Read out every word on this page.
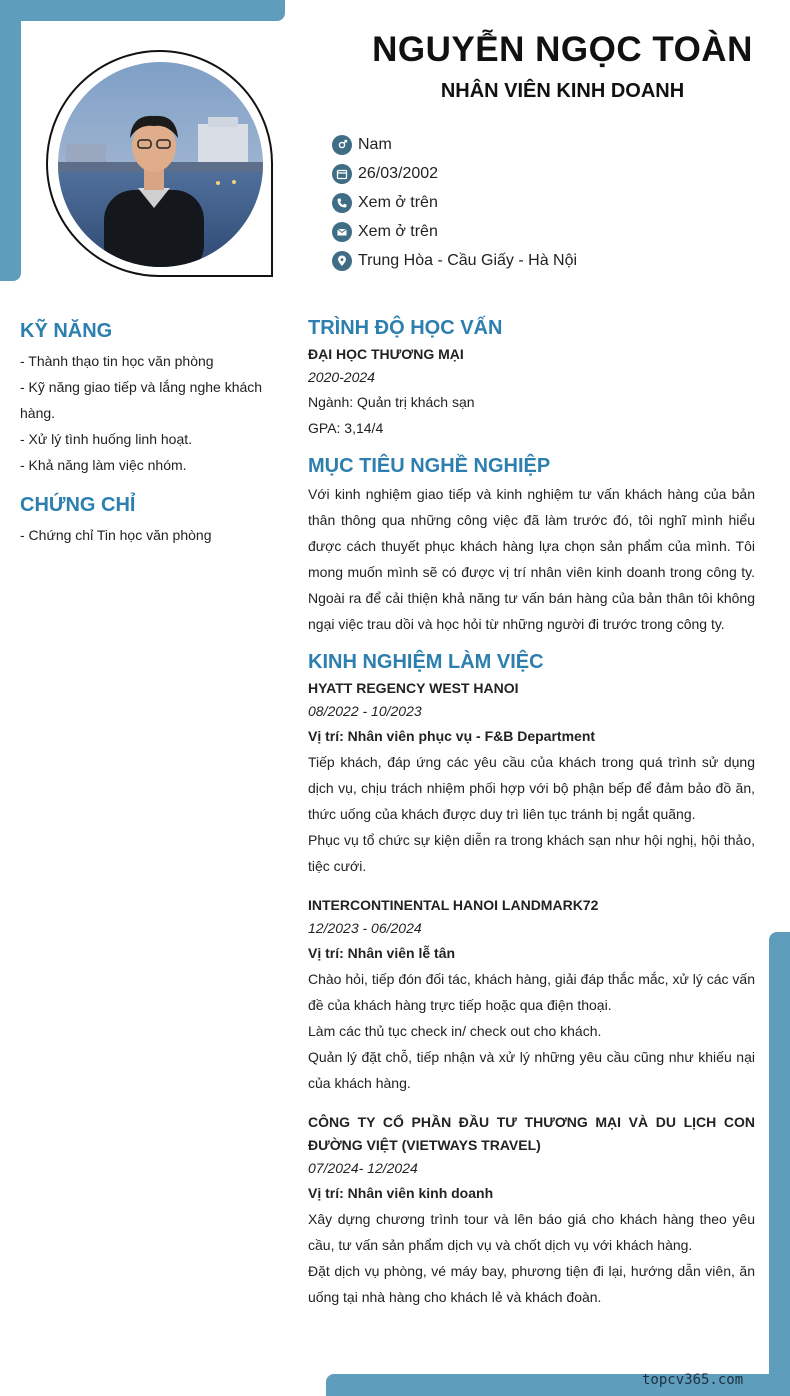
NGUYỄN NGỌC TOÀN
NHÂN VIÊN KINH DOANH
Nam
26/03/2002
Xem ở trên
Xem ở trên
Trung Hòa - Cầu Giấy - Hà Nội
KỸ NĂNG
- Thành thạo tin học văn phòng
- Kỹ năng giao tiếp và lắng nghe khách hàng.
- Xử lý tình huống linh hoạt.
- Khả năng làm việc nhóm.
CHỨNG CHỈ
- Chứng chỉ Tin học văn phòng
TRÌNH ĐỘ HỌC VẤN
ĐẠI HỌC THƯƠNG MẠI
2020-2024
Ngành: Quản trị khách sạn
GPA: 3,14/4
MỤC TIÊU NGHỀ NGHIỆP

Với kinh nghiệm giao tiếp và kinh nghiệm tư vấn khách hàng của bản thân thông qua những công việc đã làm trước đó, tôi nghĩ mình hiểu được cách thuyết phục khách hàng lựa chọn sản phẩm của mình. Tôi mong muốn mình sẽ có được vị trí nhân viên kinh doanh trong công ty. Ngoài ra để cải thiện khả năng tư vấn bán hàng của bản thân tôi không ngại việc trau dồi và học hỏi từ những người đi trước trong công ty.

KINH NGHIỆM LÀM VIỆC
HYATT REGENCY WEST HANOI
08/2022 - 10/2023
Vị trí: Nhân viên phục vụ - F&B Department

Tiếp khách, đáp ứng các yêu cầu của khách trong quá trình sử dụng dịch vụ, chịu trách nhiệm phối hợp với bộ phận bếp để đảm bảo đồ ăn, thức uống của khách được duy trì liên tục tránh bị ngắt quãng.

Phục vụ tổ chức sự kiện diễn ra trong khách sạn như hội nghị, hội thảo, tiệc cưới.

INTERCONTINENTAL HANOI LANDMARK72
12/2023 - 06/2024
Vị trí: Nhân viên lễ tân

Chào hỏi, tiếp đón đối tác, khách hàng, giải đáp thắc mắc, xử lý các vấn đề của khách hàng trực tiếp hoặc qua điện thoại.

Làm các thủ tục check in/ check out cho khách.

Quản lý đặt chỗ, tiếp nhận và xử lý những yêu cầu cũng như khiếu nại của khách hàng.

CÔNG TY CỔ PHẦN ĐẦU TƯ THƯƠNG MẠI VÀ DU LỊCH CON ĐƯỜNG VIỆT (VIETWAYS TRAVEL)
07/2024- 12/2024
Vị trí: Nhân viên kinh doanh

Xây dựng chương trình tour và lên báo giá cho khách hàng theo yêu cầu, tư vấn sản phẩm dịch vụ và chốt dịch vụ với khách hàng.

Đặt dịch vụ phòng, vé máy bay, phương tiện đi lại, hướng dẫn viên, ăn uống tại nhà hàng cho khách lẻ và khách đoàn.

topcv365.com
